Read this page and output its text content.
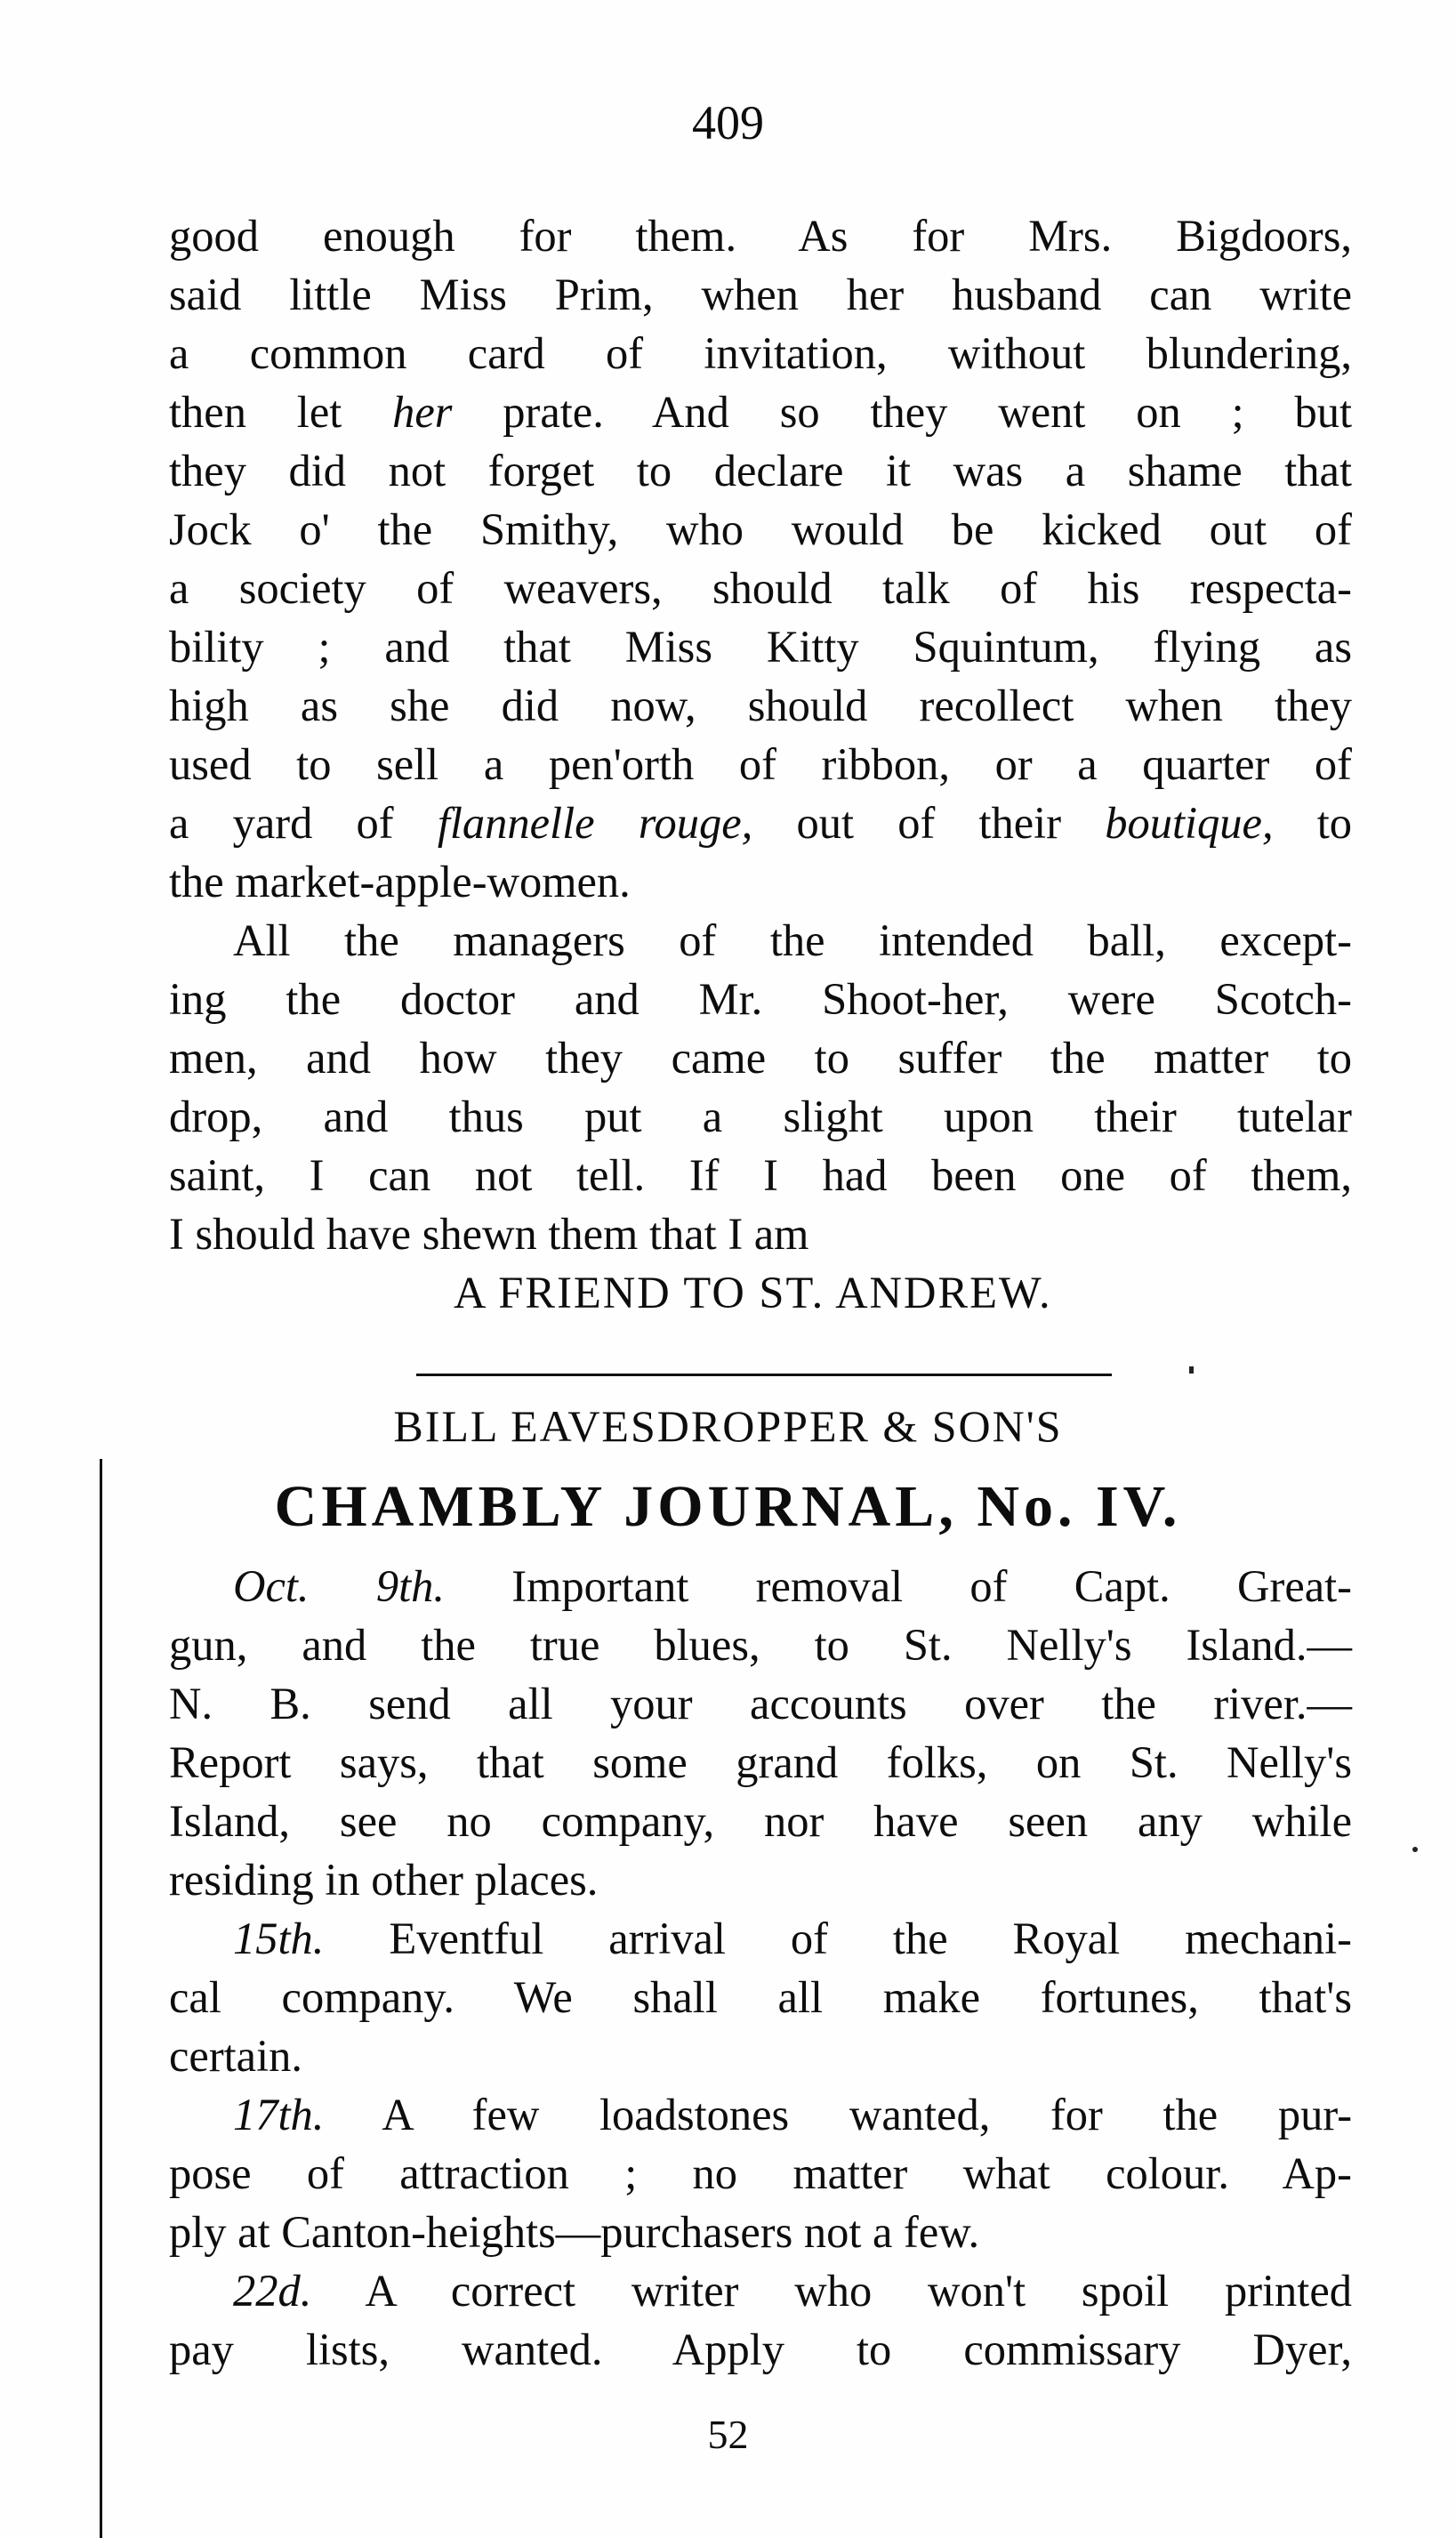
409
good enough for them. As for Mrs. Bigdoors,
said little Miss Prim, when her husband can write
a common card of invitation, without blundering,
then let her prate. And so they went on ; but
they did not forget to declare it was a shame that
Jock o' the Smithy, who would be kicked out of
a society of weavers, should talk of his respecta-
bility ; and that Miss Kitty Squintum, flying as
high as she did now, should recollect when they
used to sell a pen'orth of ribbon, or a quarter of
a yard of flannelle rouge, out of their boutique, to
the market-apple-women.
All the managers of the intended ball, except-
ing the doctor and Mr. Shoot-her, were Scotch-
men, and how they came to suffer the matter to
drop, and thus put a slight upon their tutelar
saint, I can not tell. If I had been one of them,
I should have shewn them that I am
A FRIEND TO ST. ANDREW.
BILL EAVESDROPPER & SON'S
CHAMBLY JOURNAL, No. IV.
Oct. 9th. Important removal of Capt. Great-
gun, and the true blues, to St. Nelly's Island.—
N. B. send all your accounts over the river.—
Report says, that some grand folks, on St. Nelly's
Island, see no company, nor have seen any while
residing in other places.
15th. Eventful arrival of the Royal mechani-
cal company. We shall all make fortunes, that's
certain.
17th. A few loadstones wanted, for the pur-
pose of attraction ; no matter what colour. Ap-
ply at Canton-heights—purchasers not a few.
22d. A correct writer who won't spoil printed
pay lists, wanted. Apply to commissary Dyer,
52
